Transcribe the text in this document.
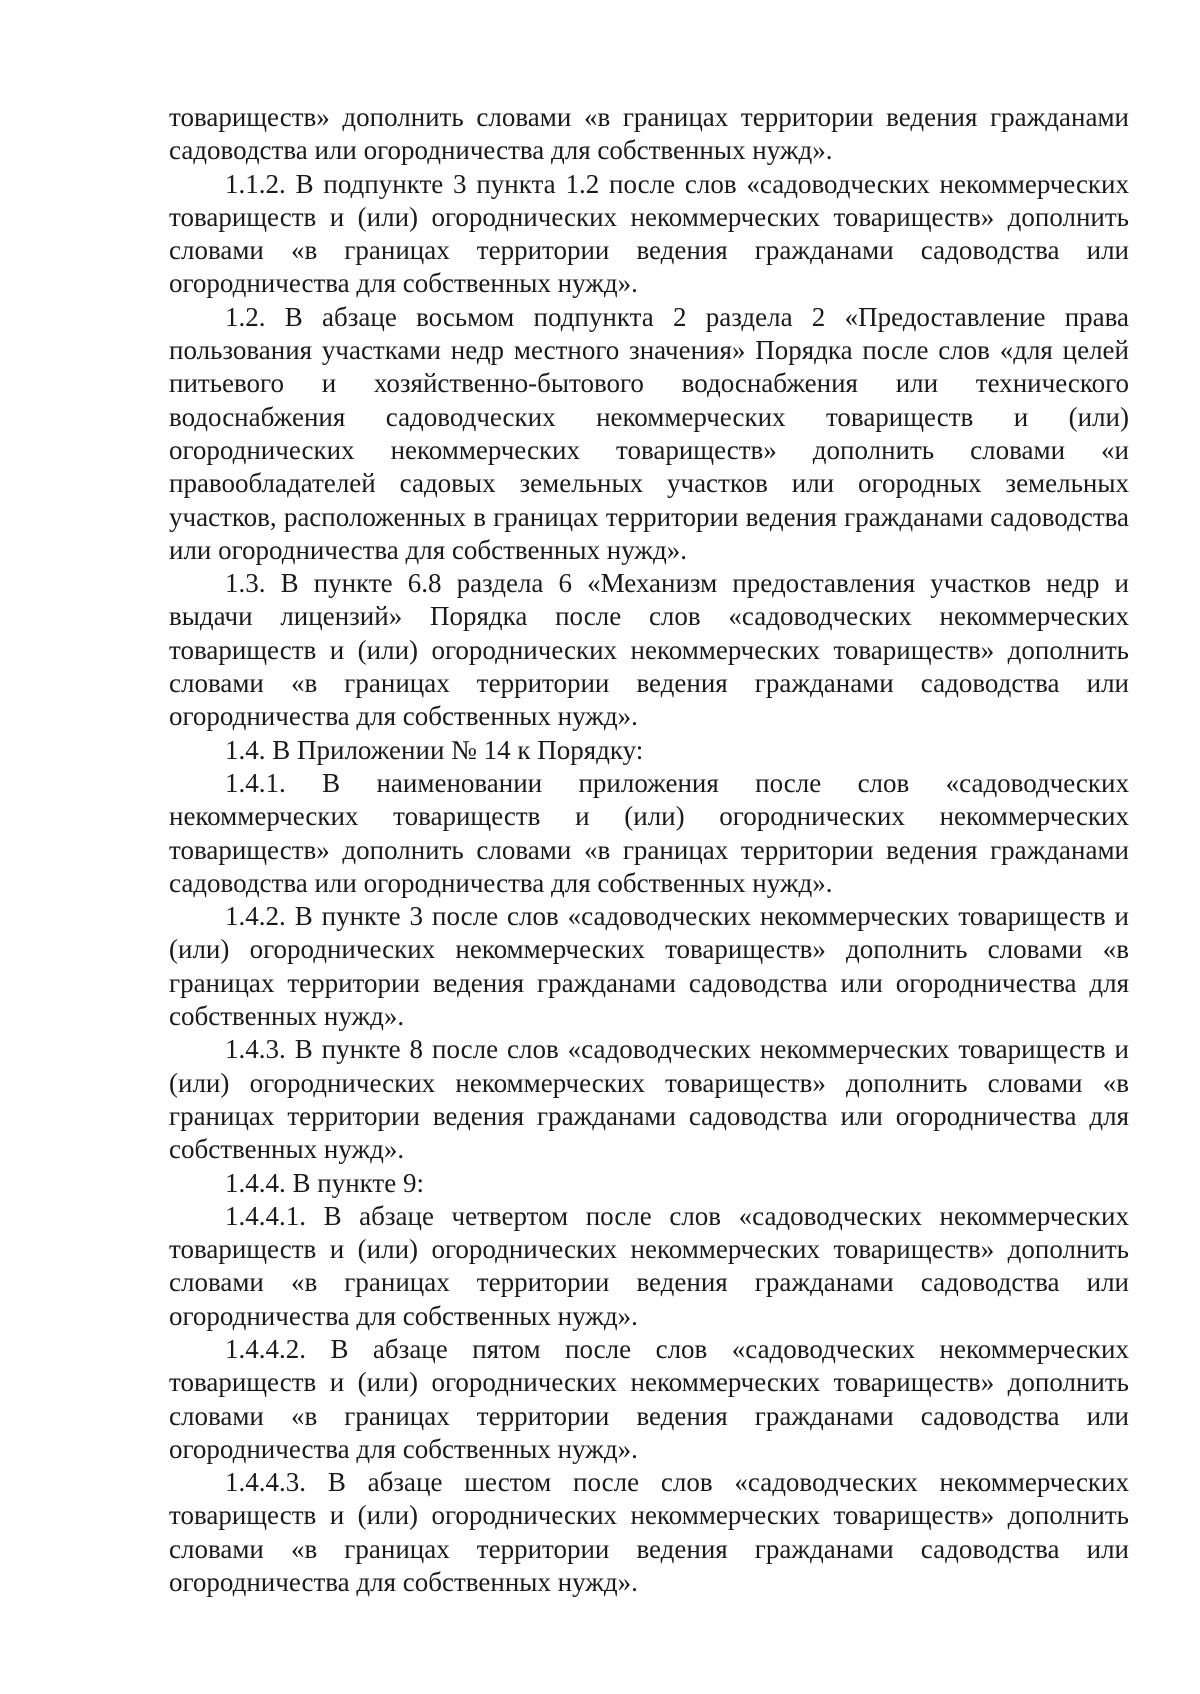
товариществ» дополнить словами «в границах территории ведения гражданами садоводства или огородничества для собственных нужд».

1.1.2. В подпункте 3 пункта 1.2 после слов «садоводческих некоммерческих товариществ и (или) огороднических некоммерческих товариществ» дополнить словами «в границах территории ведения гражданами садоводства или огородничества для собственных нужд».

1.2. В абзаце восьмом подпункта 2 раздела 2 «Предоставление права пользования участками недр местного значения» Порядка после слов «для целей питьевого и хозяйственно-бытового водоснабжения или технического водоснабжения садоводческих некоммерческих товариществ и (или) огороднических некоммерческих товариществ» дополнить словами «и правообладателей садовых земельных участков или огородных земельных участков, расположенных в границах территории ведения гражданами садоводства или огородничества для собственных нужд».

1.3. В пункте 6.8 раздела 6 «Механизм предоставления участков недр и выдачи лицензий» Порядка после слов «садоводческих некоммерческих товариществ и (или) огороднических некоммерческих товариществ» дополнить словами «в границах территории ведения гражданами садоводства или огородничества для собственных нужд».

1.4. В Приложении № 14 к Порядку:

1.4.1. В наименовании приложения после слов «садоводческих некоммерческих товариществ и (или) огороднических некоммерческих товариществ» дополнить словами «в границах территории ведения гражданами садоводства или огородничества для собственных нужд».

1.4.2. В пункте 3 после слов «садоводческих некоммерческих товариществ и (или) огороднических некоммерческих товариществ» дополнить словами «в границах территории ведения гражданами садоводства или огородничества для собственных нужд».

1.4.3. В пункте 8 после слов «садоводческих некоммерческих товариществ и (или) огороднических некоммерческих товариществ» дополнить словами «в границах территории ведения гражданами садоводства или огородничества для собственных нужд».

1.4.4. В пункте 9:

1.4.4.1. В абзаце четвертом после слов «садоводческих некоммерческих товариществ и (или) огороднических некоммерческих товариществ» дополнить словами «в границах территории ведения гражданами садоводства или огородничества для собственных нужд».

1.4.4.2. В абзаце пятом после слов «садоводческих некоммерческих товариществ и (или) огороднических некоммерческих товариществ» дополнить словами «в границах территории ведения гражданами садоводства или огородничества для собственных нужд».

1.4.4.3. В абзаце шестом после слов «садоводческих некоммерческих товариществ и (или) огороднических некоммерческих товариществ» дополнить словами «в границах территории ведения гражданами садоводства или огородничества для собственных нужд».
